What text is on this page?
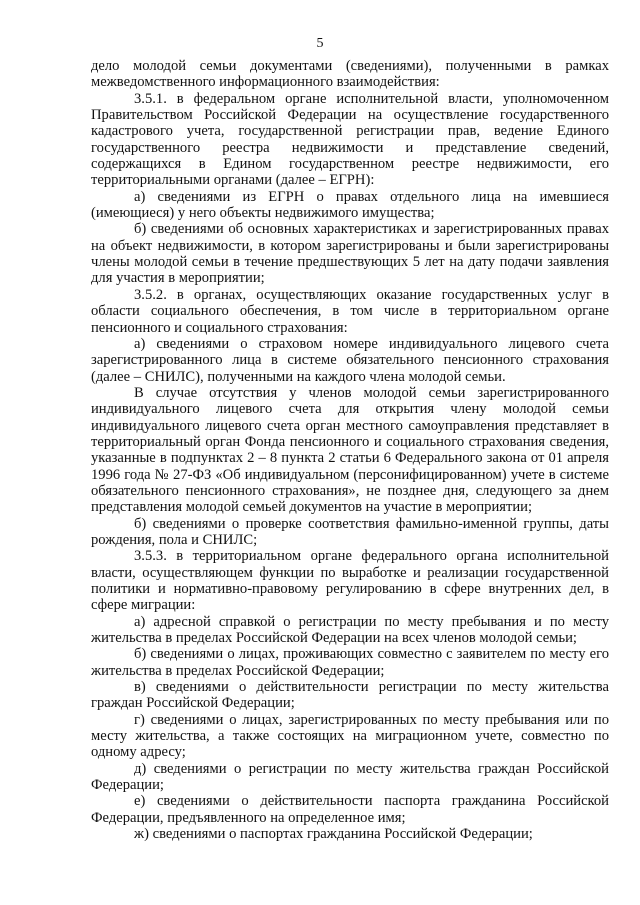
5

дело молодой семьи документами (сведениями), полученными в рамках межведомственного информационного взаимодействия:

3.5.1. в федеральном органе исполнительной власти, уполномоченном Правительством Российской Федерации на осуществление государственного кадастрового учета, государственной регистрации прав, ведение Единого государственного реестра недвижимости и представление сведений, содержащихся в Едином государственном реестре недвижимости, его территориальными органами (далее – ЕГРН):

а) сведениями из ЕГРН о правах отдельного лица на имевшиеся (имеющиеся) у него объекты недвижимого имущества;

б) сведениями об основных характеристиках и зарегистрированных правах на объект недвижимости, в котором зарегистрированы и были зарегистрированы члены молодой семьи в течение предшествующих 5 лет на дату подачи заявления для участия в мероприятии;

3.5.2. в органах, осуществляющих оказание государственных услуг в области социального обеспечения, в том числе в территориальном органе пенсионного и социального страхования:

а) сведениями о страховом номере индивидуального лицевого счета зарегистрированного лица в системе обязательного пенсионного страхования (далее – СНИЛС), полученными на каждого члена молодой семьи.

В случае отсутствия у членов молодой семьи зарегистрированного индивидуального лицевого счета для открытия члену молодой семьи индивидуального лицевого счета орган местного самоуправления представляет в территориальный орган Фонда пенсионного и социального страхования сведения, указанные в подпунктах 2 – 8 пункта 2 статьи 6 Федерального закона от 01 апреля 1996 года № 27-ФЗ «Об индивидуальном (персонифицированном) учете в системе обязательного пенсионного страхования», не позднее дня, следующего за днем представления молодой семьей документов на участие в мероприятии;

б) сведениями о проверке соответствия фамильно-именной группы, даты рождения, пола и СНИЛС;

3.5.3. в территориальном органе федерального органа исполнительной власти, осуществляющем функции по выработке и реализации государственной политики и нормативно-правовому регулированию в сфере внутренних дел, в сфере миграции:

а) адресной справкой о регистрации по месту пребывания и по месту жительства в пределах Российской Федерации на всех членов молодой семьи;

б) сведениями о лицах, проживающих совместно с заявителем по месту его жительства в пределах Российской Федерации;

в) сведениями о действительности регистрации по месту жительства граждан Российской Федерации;

г) сведениями о лицах, зарегистрированных по месту пребывания или по месту жительства, а также состоящих на миграционном учете, совместно по одному адресу;

д) сведениями о регистрации по месту жительства граждан Российской Федерации;

е) сведениями о действительности паспорта гражданина Российской Федерации, предъявленного на определенное имя;

ж) сведениями о паспортах гражданина Российской Федерации;
